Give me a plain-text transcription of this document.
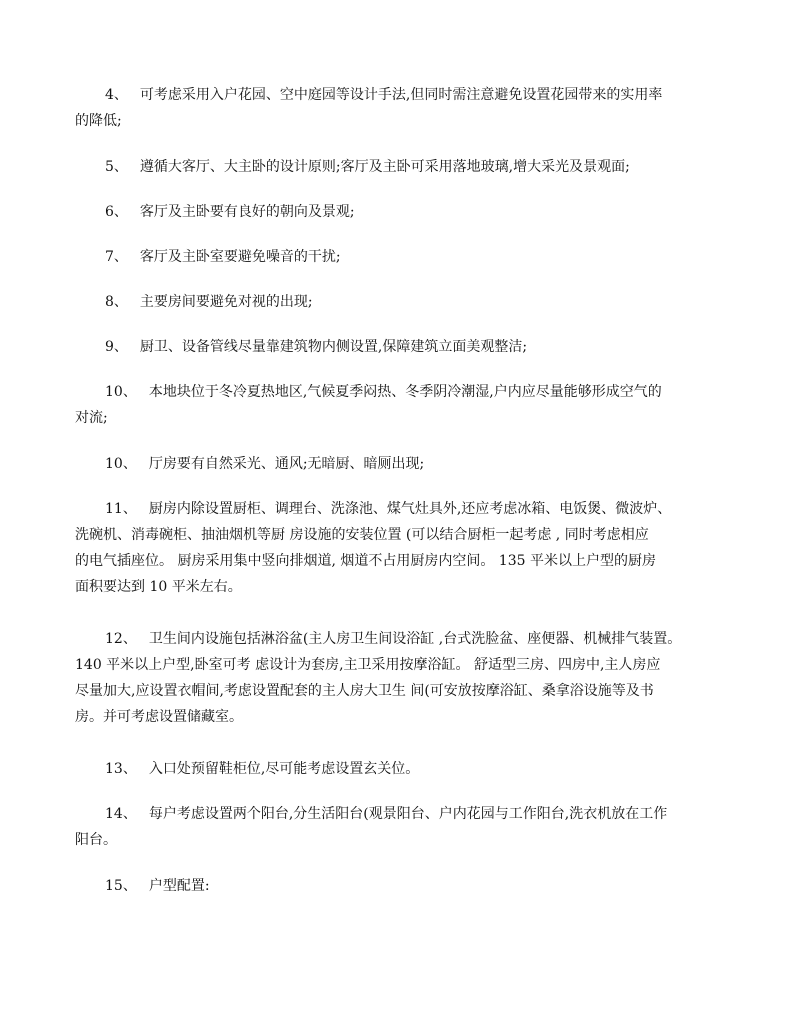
4、 可考虑采用入户花园、空中庭园等设计手法,但同时需注意避免设置花园带来的实用率
的降低;
5、 遵循大客厅、大主卧的设计原则;客厅及主卧可采用落地玻璃,增大采光及景观面;
6、 客厅及主卧要有良好的朝向及景观;
7、 客厅及主卧室要避免噪音的干扰;
8、 主要房间要避免对视的出现;
9、 厨卫、设备管线尽量靠建筑物内侧设置,保障建筑立面美观整洁;
10、 本地块位于冬冷夏热地区,气候夏季闷热、冬季阴冷潮湿,户内应尽量能够形成空气的
对流;
10、 厅房要有自然采光、通风;无暗厨、暗厕出现;
11、 厨房内除设置厨柜、调理台、洗涤池、煤气灶具外,还应考虑冰箱、电饭煲、微波炉、
洗碗机、消毒碗柜、抽油烟机等厨 房设施的安装位置 (可以结合厨柜一起考虑 , 同时考虑相应
的电气插座位。 厨房采用集中竖向排烟道, 烟道不占用厨房内空间。 135 平米以上户型的厨房
面积要达到 10 平米左右。
12、 卫生间内设施包括淋浴盆(主人房卫生间设浴缸 ,台式洗脸盆、座便器、机械排气装置。
140 平米以上户型,卧室可考 虑设计为套房,主卫采用按摩浴缸。 舒适型三房、四房中,主人房应
尽量加大,应设置衣帽间,考虑设置配套的主人房大卫生 间(可安放按摩浴缸、桑拿浴设施等及书
房。并可考虑设置储藏室。
13、 入口处预留鞋柜位,尽可能考虑设置玄关位。
14、 每户考虑设置两个阳台,分生活阳台(观景阳台、户内花园与工作阳台,洗衣机放在工作
阳台。
15、 户型配置:
